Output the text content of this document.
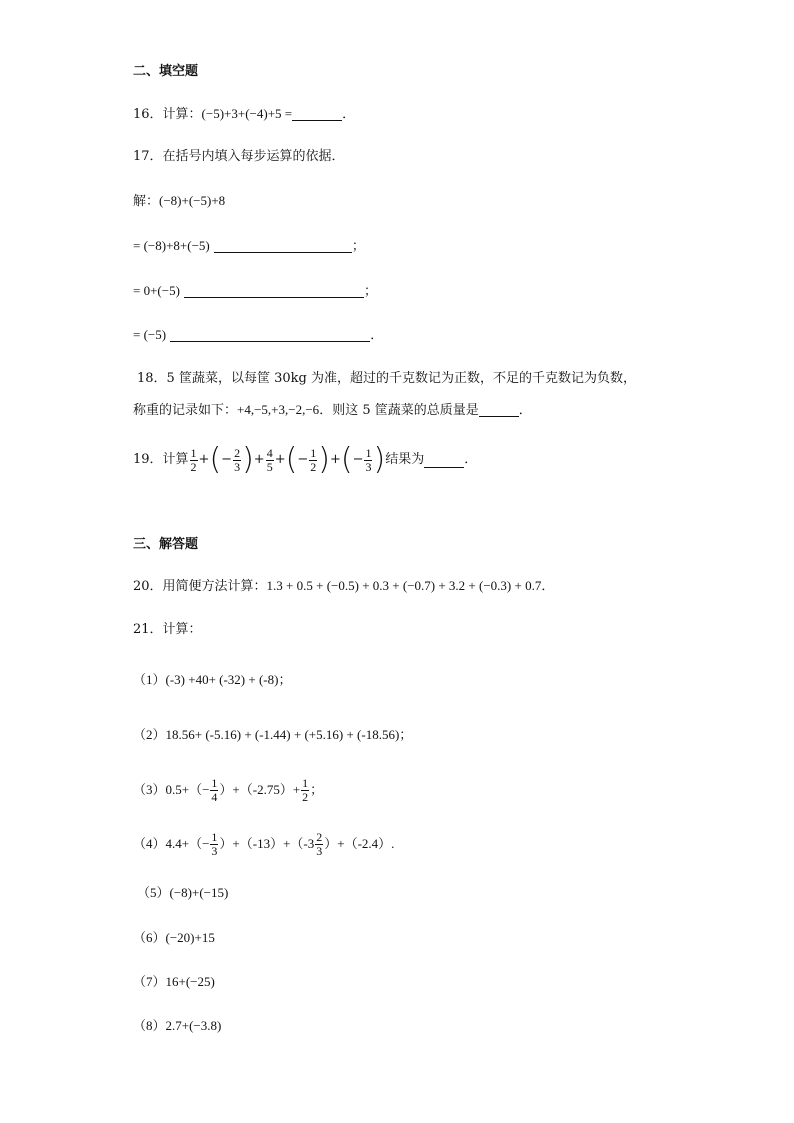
二、填空题
16．计算：(−5)+3+(−4)+5 =	．
17．在括号内填入每步运算的依据．
解：(−8)+(−5)+8
= (−8)+8+(−5)	；
= 0+(−5)	；
= (−5)	．
18．5 筐蔬菜，以每筐 30kg 为准，超过的千克数记为正数，不足的千克数记为负数，
称重的记录如下：+4,−5,+3,−2,−6．则这 5 筐蔬菜的总质量是	．
19．计算 $\frac{1}{2}$ +(− $\frac{2}{3}$ )+ $\frac{4}{5}$ +(− $\frac{1}{2}$ )+(− $\frac{1}{3}$ )结果为	．
三、解答题
20．用简便方法计算：1.3 + 0.5 + (−0.5) + 0.3 + (−0.7) + 3.2 + (−0.3) + 0.7．
21．计算：
（1）(-3) +40+ (-32) + (-8)；
（2）18.56+ (-5.16) + (-1.44) + (+5.16) + (-18.56)；
$(3)0.5+(- \frac{1}{4} )+(-2.75)+ \frac{1}{2}$ ；
$(4)4.4+(- \frac{1}{3} )+(-13)+(-3 \frac{2}{3} )+(-2.4)$.
（5）(−8)+(−15)
（6）(−20)+15
（7）16+(−25)
（8）2.7+(−3.8)
